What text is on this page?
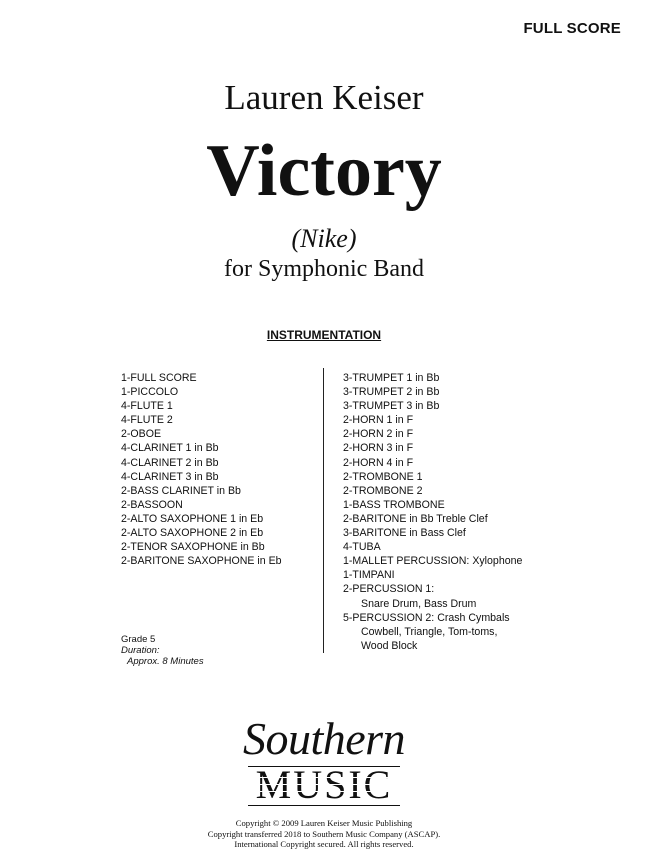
FULL SCORE
Lauren Keiser
Victory
(Nike)
for Symphonic Band
INSTRUMENTATION
1-FULL SCORE
1-PICCOLO
4-FLUTE 1
4-FLUTE 2
2-OBOE
4-CLARINET 1 in Bb
4-CLARINET 2 in Bb
4-CLARINET 3 in Bb
2-BASS CLARINET in Bb
2-BASSOON
2-ALTO SAXOPHONE 1 in Eb
2-ALTO SAXOPHONE 2 in Eb
2-TENOR SAXOPHONE in Bb
2-BARITONE SAXOPHONE in Eb
3-TRUMPET 1 in Bb
3-TRUMPET 2 in Bb
3-TRUMPET 3 in Bb
2-HORN 1 in F
2-HORN 2 in F
2-HORN 3 in F
2-HORN 4 in F
2-TROMBONE 1
2-TROMBONE 2
1-BASS TROMBONE
2-BARITONE in Bb Treble Clef
3-BARITONE in Bass Clef
4-TUBA
1-MALLET PERCUSSION: Xylophone
1-TIMPANI
2-PERCUSSION 1:
Snare Drum, Bass Drum
5-PERCUSSION 2: Crash Cymbals
Cowbell, Triangle, Tom-toms,
Wood Block
Grade 5
Duration:
Approx. 8 Minutes
Southern
Copyright © 2009 Lauren Keiser Music Publishing
Copyright transferred 2018 to Southern Music Company (ASCAP).
International Copyright secured. All rights reserved.
